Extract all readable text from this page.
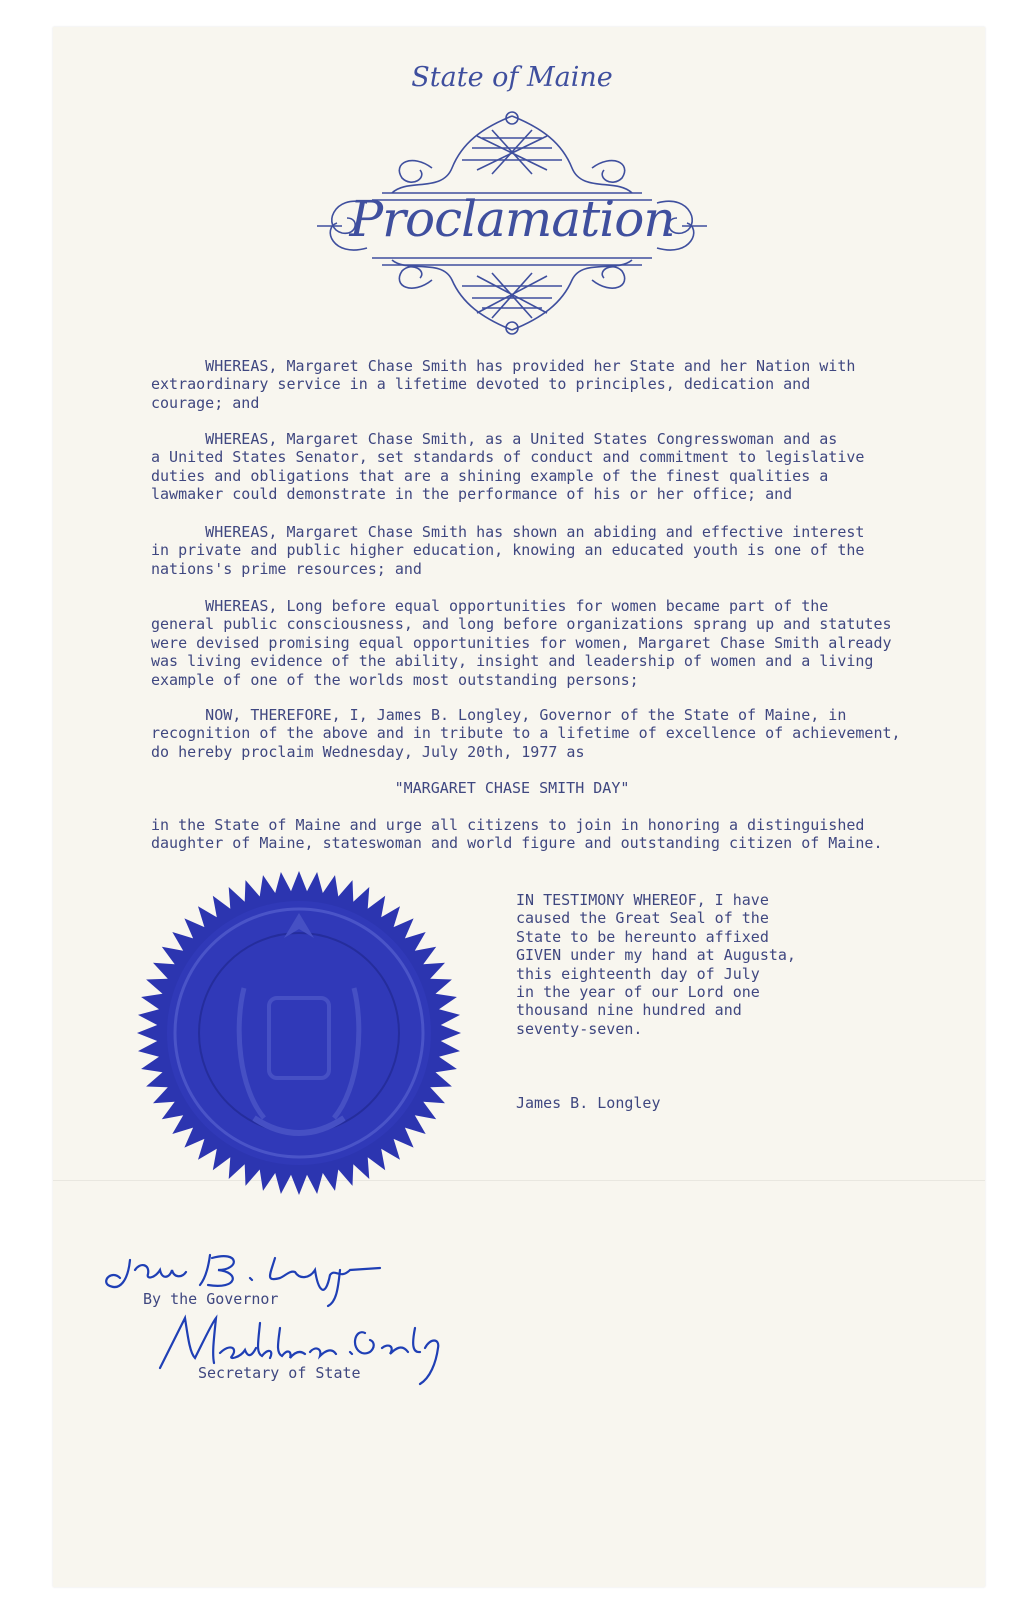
State of Maine
Proclamation
WHEREAS, Margaret Chase Smith has provided her State and her Nation with
extraordinary service in a lifetime devoted to principles, dedication and
courage; and
WHEREAS, Margaret Chase Smith, as a United States Congresswoman and as
a United States Senator, set standards of conduct and commitment to legislative
duties and obligations that are a shining example of the finest qualities a
lawmaker could demonstrate in the performance of his or her office; and
WHEREAS, Margaret Chase Smith has shown an abiding and effective interest
in private and public higher education, knowing an educated youth is one of the
nations's prime resources; and
WHEREAS, Long before equal opportunities for women became part of the
general public consciousness, and long before organizations sprang up and statutes
were devised promising equal opportunities for women, Margaret Chase Smith already
was living evidence of the ability, insight and leadership of women and a living
example of one of the worlds most outstanding persons;
NOW, THEREFORE, I, James B. Longley, Governor of the State of Maine, in
recognition of the above and in tribute to a lifetime of excellence of achievement,
do hereby proclaim Wednesday, July 20th, 1977 as
"MARGARET CHASE SMITH DAY"
in the State of Maine and urge all citizens to join in honoring a distinguished
daughter of Maine, stateswoman and world figure and outstanding citizen of Maine.
IN TESTIMONY WHEREOF, I have
caused the Great Seal of the
State to be hereunto affixed
GIVEN under my hand at Augusta,
this eighteenth day of July
in the year of our Lord one
thousand nine hundred and
seventy-seven.
James B. Longley
By the Governor
Secretary of State
